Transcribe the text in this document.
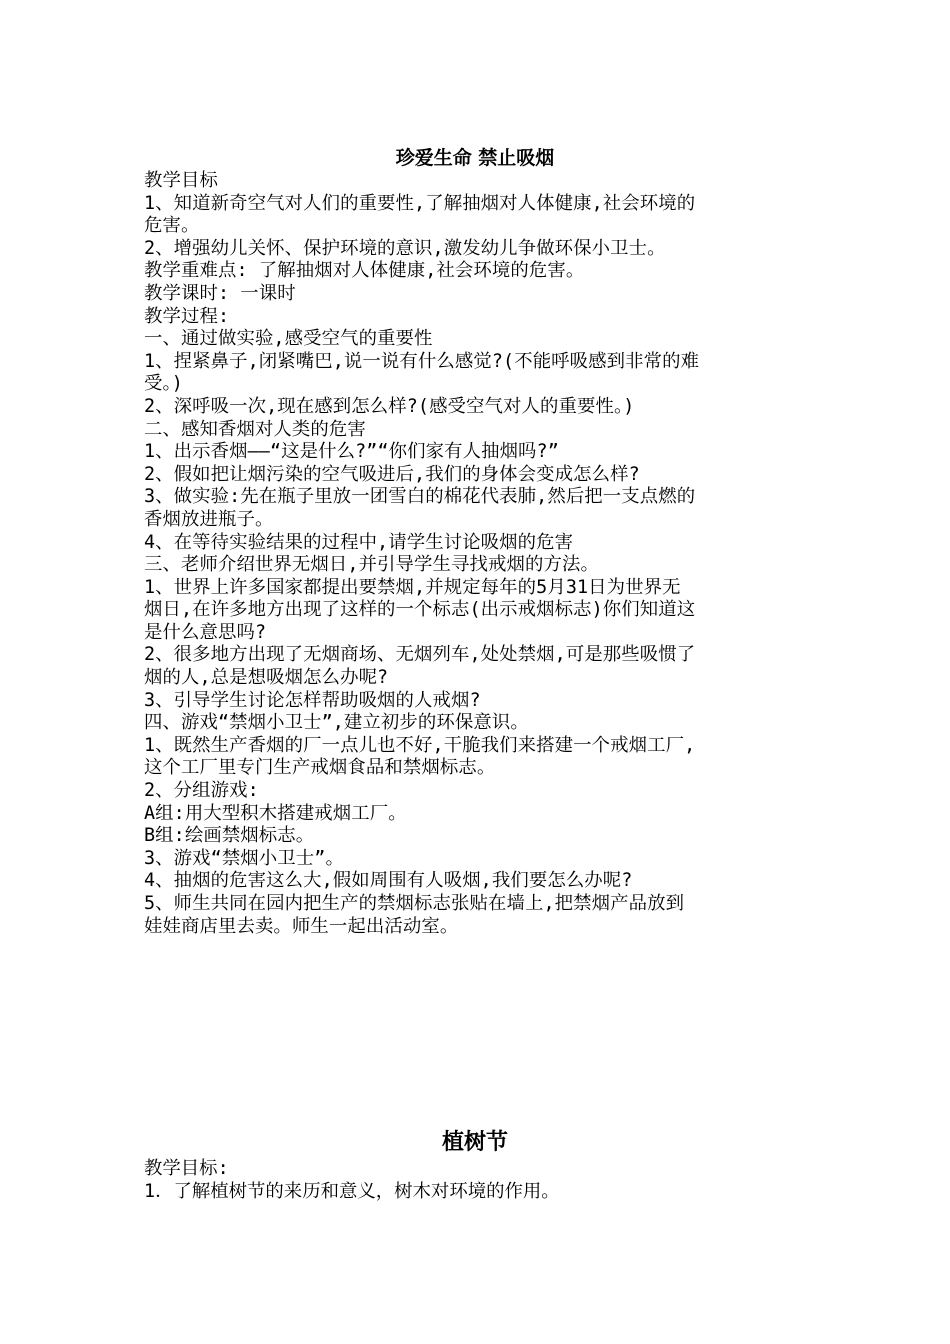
珍爱生命 禁止吸烟
教学目标
1、知道新奇空气对人们的重要性,了解抽烟对人体健康,社会环境的
危害。
2、增强幼儿关怀、保护环境的意识,激发幼儿争做环保小卫士。
教学重难点: 了解抽烟对人体健康,社会环境的危害。
教学课时: 一课时
教学过程:
一、通过做实验,感受空气的重要性
1、捏紧鼻子,闭紧嘴巴,说一说有什么感觉?(不能呼吸感到非常的难
受。)
2、深呼吸一次,现在感到怎么样?(感受空气对人的重要性。)
二、感知香烟对人类的危害
1、出示香烟——“这是什么?”“你们家有人抽烟吗?”
2、假如把让烟污染的空气吸进后,我们的身体会变成怎么样?
3、做实验:先在瓶子里放一团雪白的棉花代表肺,然后把一支点燃的
香烟放进瓶子。
4、在等待实验结果的过程中,请学生讨论吸烟的危害
三、老师介绍世界无烟日,并引导学生寻找戒烟的方法。
1、世界上许多国家都提出要禁烟,并规定每年的5月31日为世界无
烟日,在许多地方出现了这样的一个标志(出示戒烟标志)你们知道这
是什么意思吗?
2、很多地方出现了无烟商场、无烟列车,处处禁烟,可是那些吸惯了
烟的人,总是想吸烟怎么办呢?
3、引导学生讨论怎样帮助吸烟的人戒烟?
四、游戏“禁烟小卫士”,建立初步的环保意识。
1、既然生产香烟的厂一点儿也不好,干脆我们来搭建一个戒烟工厂,
这个工厂里专门生产戒烟食品和禁烟标志。
2、分组游戏:
A组:用大型积木搭建戒烟工厂。
B组:绘画禁烟标志。
3、游戏“禁烟小卫士”。
4、抽烟的危害这么大,假如周围有人吸烟,我们要怎么办呢?
5、师生共同在园内把生产的禁烟标志张贴在墙上,把禁烟产品放到
娃娃商店里去卖。师生一起出活动室。
植树节
教学目标:
1．了解植树节的来历和意义，树木对环境的作用。
